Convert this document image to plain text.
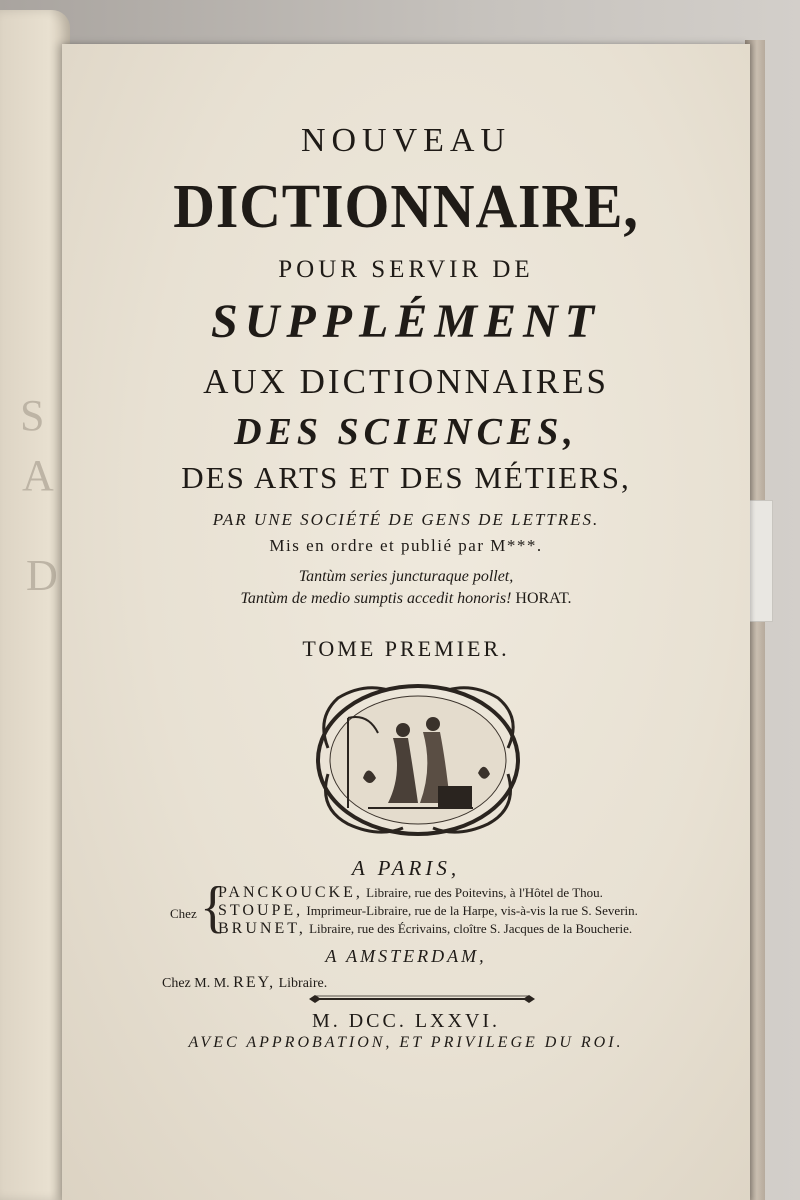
S
A
D
NOUVEAU
DICTIONNAIRE,
POUR SERVIR DE
SUPPLÉMENT
AUX DICTIONNAIRES
DES SCIENCES,
DES ARTS ET DES MÉTIERS,
PAR UNE SOCIÉTÉ DE GENS DE LETTRES.
Mis en ordre et publié par M***.
Tantùm series juncturaque pollet,
Tantùm de medio sumptis accedit honoris! HORAT.
TOME PREMIER.
A PARIS,
Chez {
PANCKOUCKE, Libraire, rue des Poitevins, à l'Hôtel de Thou.
STOUPE, Imprimeur-Libraire, rue de la Harpe, vis-à-vis la rue S. Severin.
BRUNET, Libraire, rue des Écrivains, cloître S. Jacques de la Boucherie.
A AMSTERDAM,
Chez M. M. REY, Libraire.
M. DCC. LXXVI.
AVEC APPROBATION, ET PRIVILEGE DU ROI.
